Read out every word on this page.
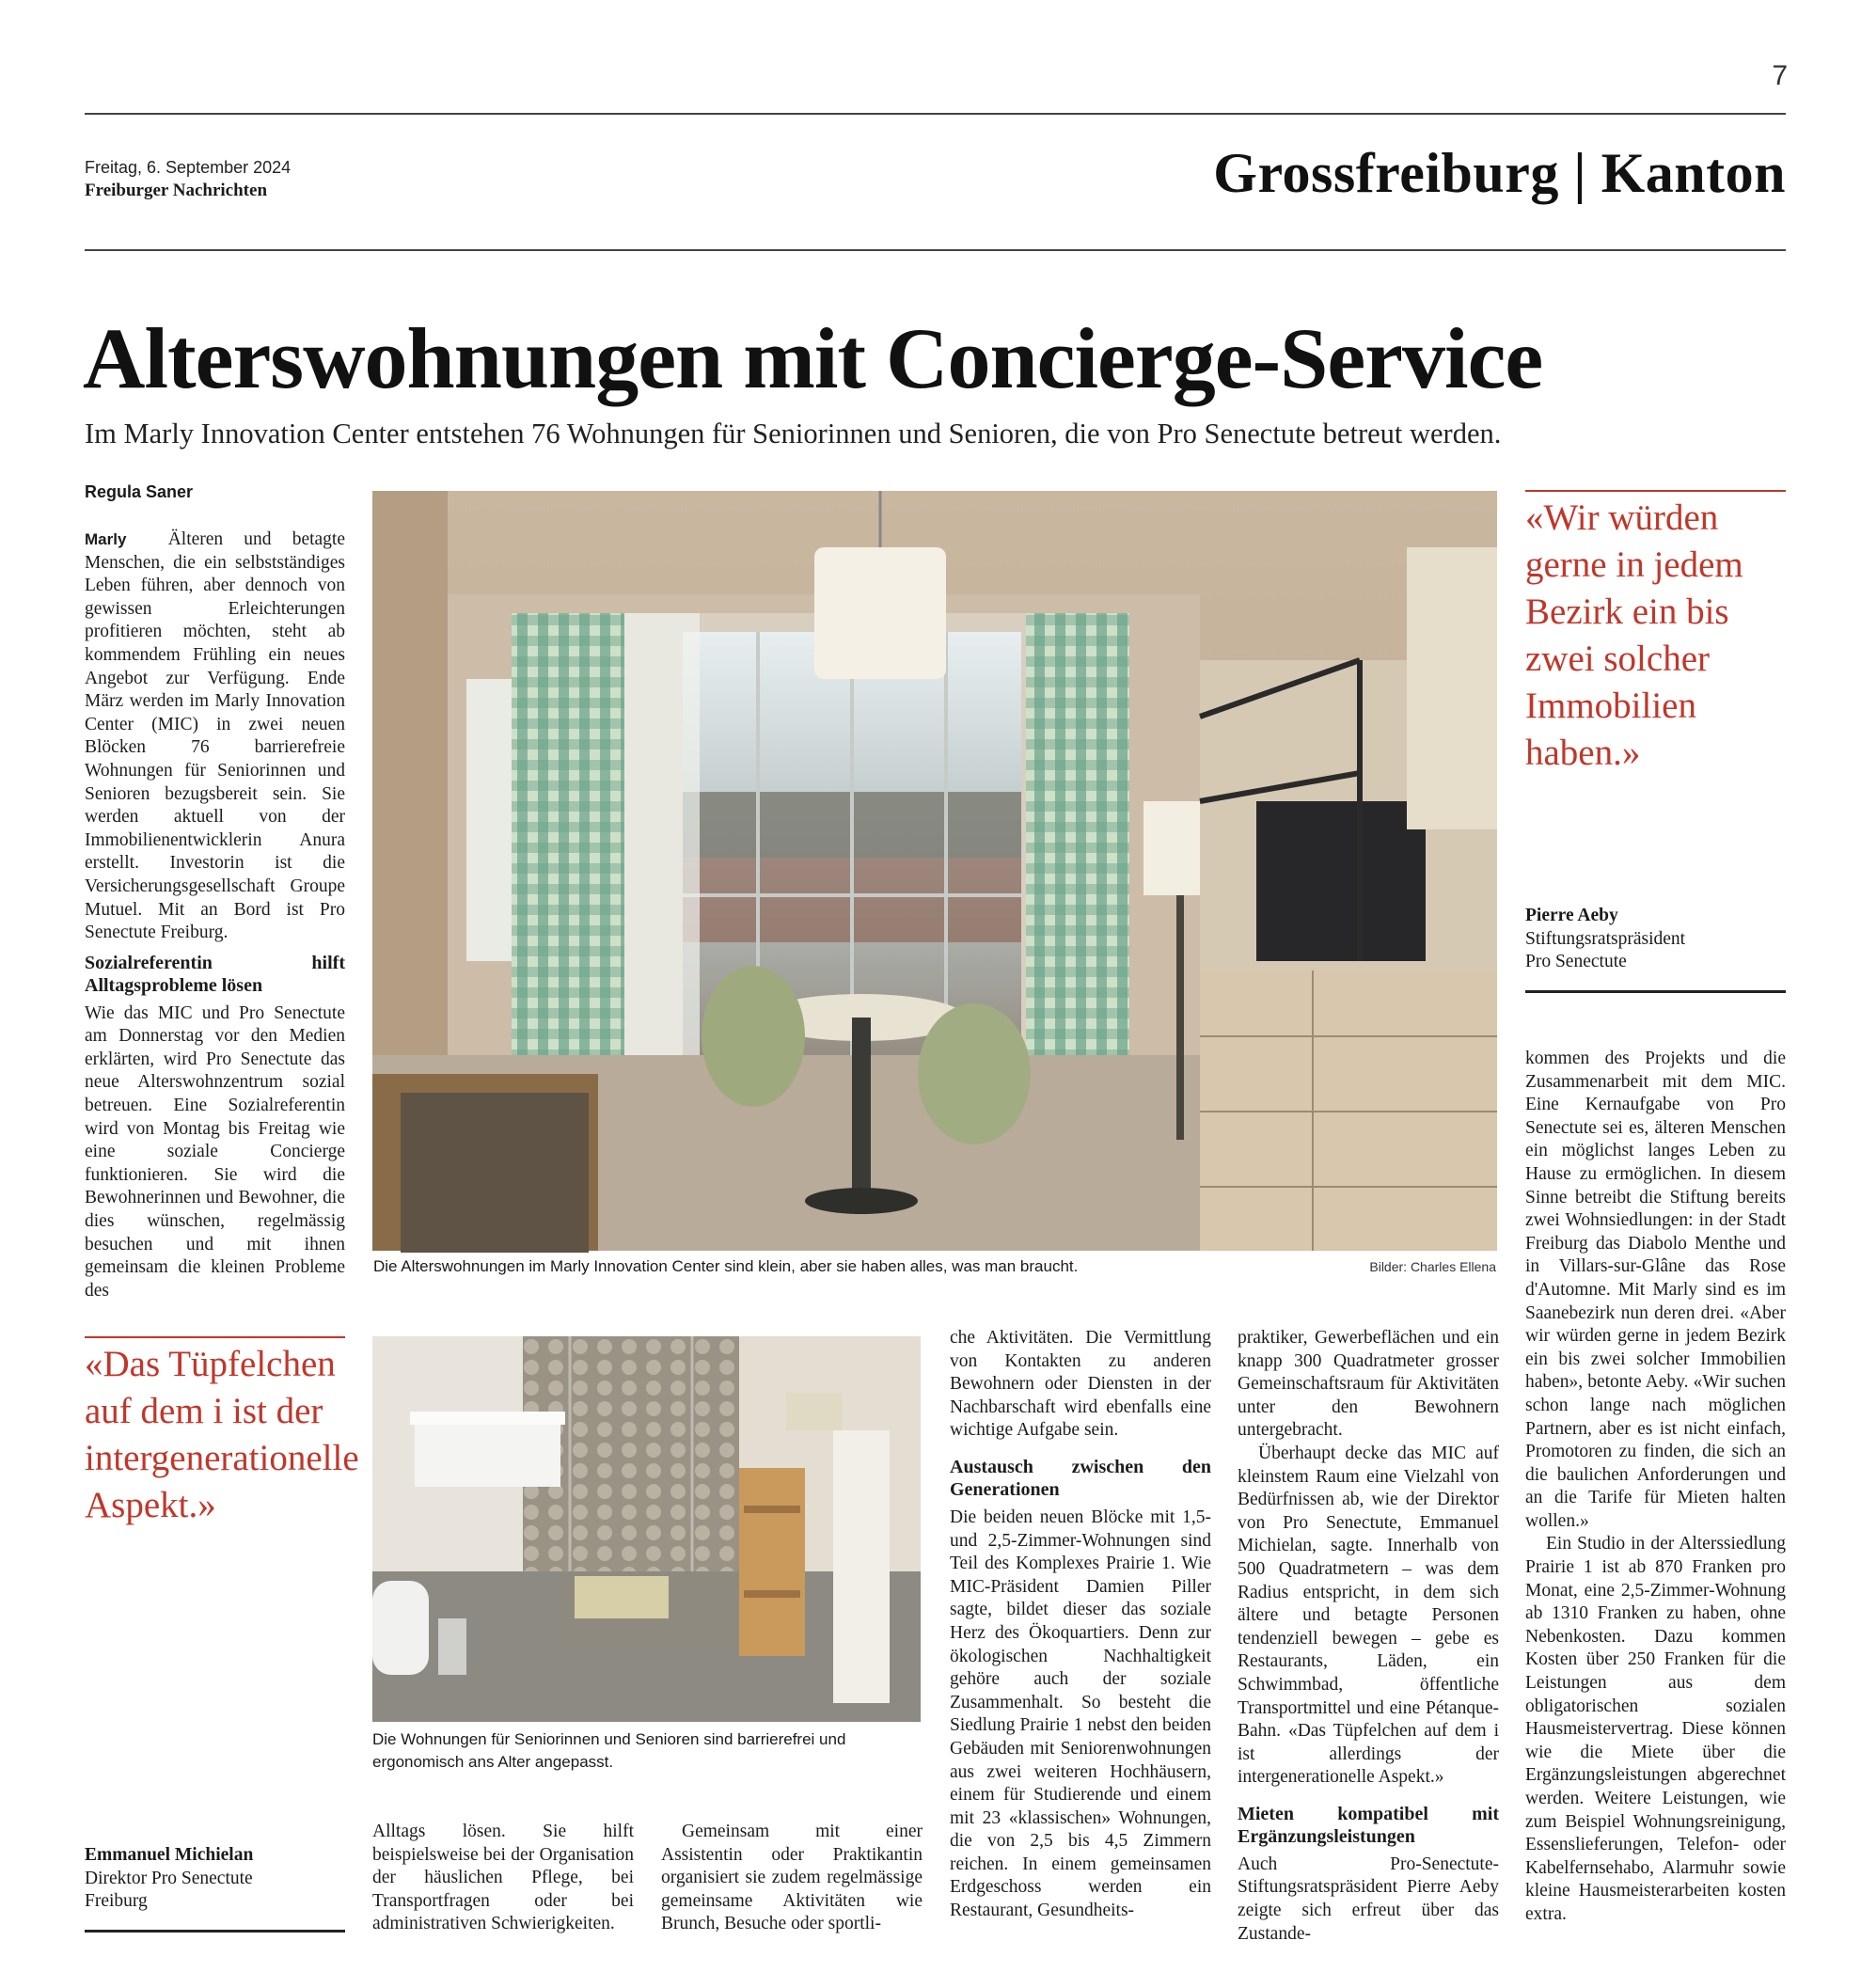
7
Freitag, 6. September 2024
Freiburger Nachrichten	Grossfreiburg | Kanton
Alterswohnungen mit Concierge-Service
Im Marly Innovation Center entstehen 76 Wohnungen für Seniorinnen und Senioren, die von Pro Senectute betreut werden.
Regula Saner

Marly Älteren und betagte Menschen, die ein selbstständiges Leben führen, aber dennoch von gewissen Erleichterungen profitieren möchten, steht ab kommendem Frühling ein neues Angebot zur Verfügung. Ende März werden im Marly Innovation Center (MIC) in zwei neuen Blöcken 76 barrierefreie Wohnungen für Seniorinnen und Senioren bezugsbereit sein. Sie werden aktuell von der Immobilienentwicklerin Anura erstellt. Investorin ist die Versicherungsgesellschaft Groupe Mutuel. Mit an Bord ist Pro Senectute Freiburg.

Sozialreferentin hilft Alltagsprobleme lösen

Wie das MIC und Pro Senectute am Donnerstag vor den Medien erklärten, wird Pro Senectute das neue Alterswohnzentrum sozial betreuen. Eine Sozialreferentin wird von Montag bis Freitag wie eine soziale Concierge funktionieren. Sie wird die Bewohnerinnen und Bewohner, die dies wünschen, regelmässig besuchen und mit ihnen gemeinsam die kleinen Probleme des

Die Alterswohnungen im Marly Innovation Center sind klein, aber sie haben alles, was man braucht.	Bilder: Charles Ellena
«Wir würden gerne in jedem Bezirk ein bis zwei solcher Immobilien haben.»
Pierre Aeby
Stiftungsratspräsident
Pro Senectute

kommen des Projekts und die Zusammenarbeit mit dem MIC. Eine Kernaufgabe von Pro Senectute sei es, älteren Menschen ein möglichst langes Leben zu Hause zu ermöglichen. In diesem Sinne betreibt die Stiftung bereits zwei Wohnsiedlungen: in der Stadt Freiburg das Diabolo Menthe und in Villars-sur-Glâne das Rose d'Automne. Mit Marly sind es im Saanebezirk nun deren drei. «Aber wir würden gerne in jedem Bezirk ein bis zwei solcher Immobilien haben», betonte Aeby. «Wir suchen schon lange nach möglichen Partnern, aber es ist nicht einfach, Promotoren zu finden, die sich an die baulichen Anforderungen und an die Tarife für Mieten halten wollen.»

Ein Studio in der Alterssiedlung Prairie 1 ist ab 870 Franken pro Monat, eine 2,5-Zimmer-Wohnung ab 1310 Franken zu haben, ohne Nebenkosten. Dazu kommen Kosten über 250 Franken für die Leistungen aus dem obligatorischen sozialen Hausmeistervertrag. Diese können wie die Miete über die Ergänzungsleistungen abgerechnet werden. Weitere Leistungen, wie zum Beispiel Wohnungsreinigung, Essenslieferungen, Telefon- oder Kabelfernsehabo, Alarmuhr sowie kleine Hausmeisterarbeiten kosten extra.

«Das Tüpfelchen auf dem i ist der intergenerationelle Aspekt.»
Emmanuel Michielan
Direktor Pro Senectute
Freiburg
Die Wohnungen für Seniorinnen und Senioren sind barrierefrei und ergonomisch ans Alter angepasst.

Alltags lösen. Sie hilft beispielsweise bei der Organisation der häuslichen Pflege, bei Transportfragen oder bei administrativen Schwierigkeiten.

Gemeinsam mit einer Assistentin oder Praktikantin organisiert sie zudem regelmässige gemeinsame Aktivitäten wie Brunch, Besuche oder sportli-

che Aktivitäten. Die Vermittlung von Kontakten zu anderen Bewohnern oder Diensten in der Nachbarschaft wird ebenfalls eine wichtige Aufgabe sein.

Austausch zwischen den Generationen

Die beiden neuen Blöcke mit 1,5- und 2,5-Zimmer-Wohnungen sind Teil des Komplexes Prairie 1. Wie MIC-Präsident Damien Piller sagte, bildet dieser das soziale Herz des Ökoquartiers. Denn zur ökologischen Nachhaltigkeit gehöre auch der soziale Zusammenhalt. So besteht die Siedlung Prairie 1 nebst den beiden Gebäuden mit Seniorenwohnungen aus zwei weiteren Hochhäusern, einem für Studierende und einem mit 23 «klassischen» Wohnungen, die von 2,5 bis 4,5 Zimmern reichen. In einem gemeinsamen Erdgeschoss werden ein Restaurant, Gesundheits-

praktiker, Gewerbeflächen und ein knapp 300 Quadratmeter grosser Gemeinschaftsraum für Aktivitäten unter den Bewohnern untergebracht.

Überhaupt decke das MIC auf kleinstem Raum eine Vielzahl von Bedürfnissen ab, wie der Direktor von Pro Senectute, Emmanuel Michielan, sagte. Innerhalb von 500 Quadratmetern – was dem Radius entspricht, in dem sich ältere und betagte Personen tendenziell bewegen – gebe es Restaurants, Läden, ein Schwimmbad, öffentliche Transportmittel und eine Pétanque-Bahn. «Das Tüpfelchen auf dem i ist allerdings der intergenerationelle Aspekt.»

Mieten kompatibel mit Ergänzungsleistungen

Auch Pro-Senectute-Stiftungsratspräsident Pierre Aeby zeigte sich erfreut über das Zustande-
